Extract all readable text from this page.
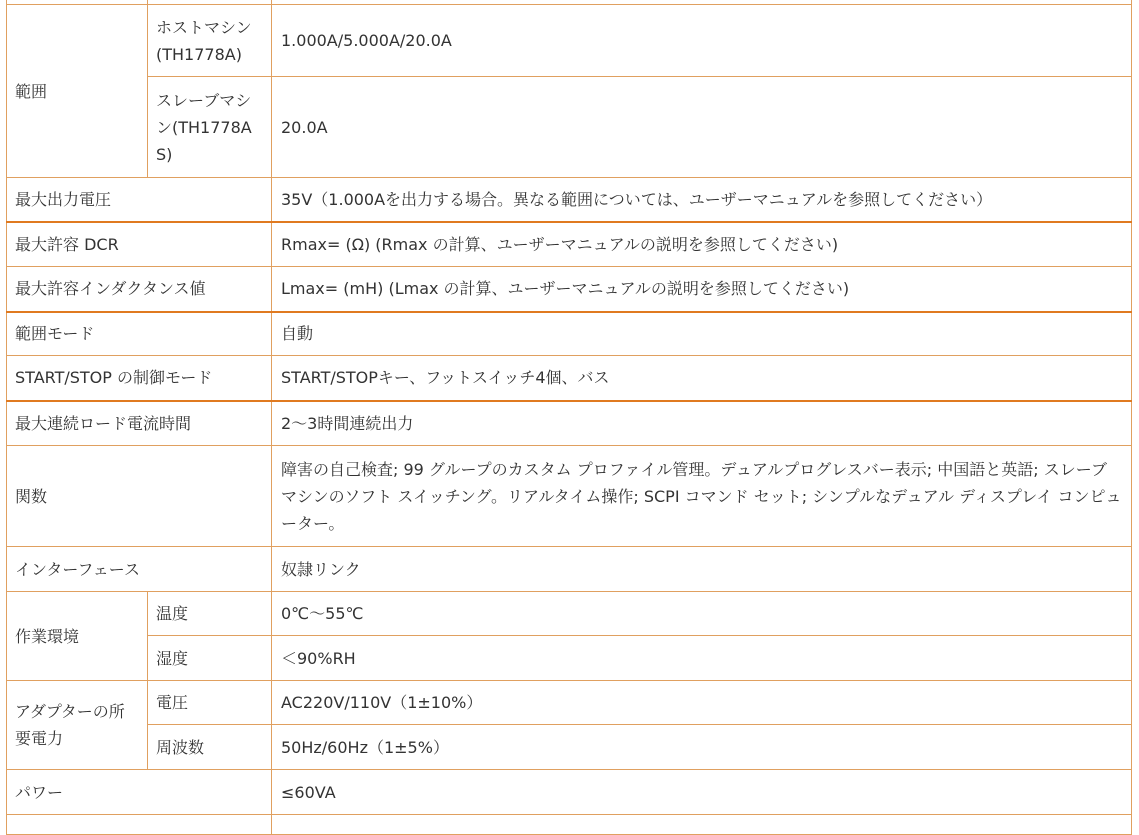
範囲	ホストマシン(TH1778A)	1.000A/5.000A/20.0A
	スレーブマシン(TH1778AS)	20.0A
最大出力電圧		35V（1.000Aを出力する場合。異なる範囲については、ユーザーマニュアルを参照してください）
最大許容 DCR		Rmax= (Ω) (Rmax の計算、ユーザーマニュアルの説明を参照してください)
最大許容インダクタンス値		Lmax= (mH) (Lmax の計算、ユーザーマニュアルの説明を参照してください)
範囲モード		自動
START/STOP の制御モード		START/STOPキー、フットスイッチ4個、バス
最大連続ロード電流時間		2～3時間連続出力
関数		障害の自己検査; 99 グループのカスタム プロファイル管理。デュアルプログレスバー表示; 中国語と英語; スレーブ マシンのソフト スイッチング。リアルタイム操作; SCPI コマンド セット; シンプルなデュアル ディスプレイ コンピューター。
インターフェース		奴隷リンク
作業環境	温度	0℃～55℃
	湿度	＜90%RH
アダプターの所要電力	電圧	AC220V/110V（1±10%）
	周波数	50Hz/60Hz（1±5%）
パワー		≤60VA
